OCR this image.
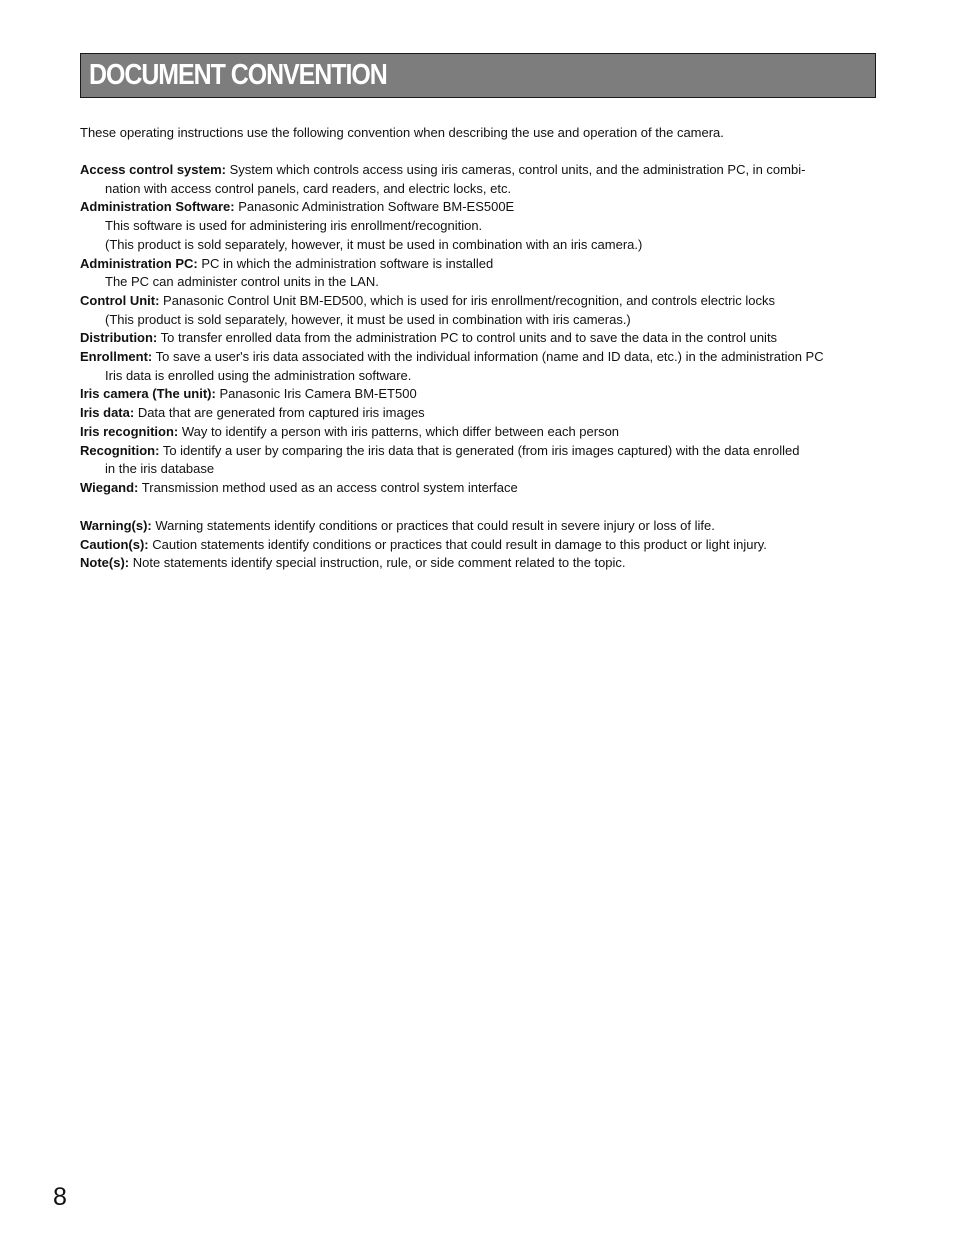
DOCUMENT CONVENTION
These operating instructions use the following convention when describing the use and operation of the camera.
Access control system: System which controls access using iris cameras, control units, and the administration PC, in combi-
nation with access control panels, card readers, and electric locks, etc.
Administration Software: Panasonic Administration Software BM-ES500E
This software is used for administering iris enrollment/recognition.
(This product is sold separately, however, it must be used in combination with an iris camera.)
Administration PC: PC in which the administration software is installed
The PC can administer control units in the LAN.
Control Unit: Panasonic Control Unit BM-ED500, which is used for iris enrollment/recognition, and controls electric locks
(This product is sold separately, however, it must be used in combination with iris cameras.)
Distribution: To transfer enrolled data from the administration PC to control units and to save the data in the control units
Enrollment: To save a user's iris data associated with the individual information (name and ID data, etc.) in the administration PC
Iris data is enrolled using the administration software.
Iris camera (The unit): Panasonic Iris Camera BM-ET500
Iris data: Data that are generated from captured iris images
Iris recognition: Way to identify a person with iris patterns, which differ between each person
Recognition: To identify a user by comparing the iris data that is generated (from iris images captured) with the data enrolled
in the iris database
Wiegand: Transmission method used as an access control system interface
Warning(s): Warning statements identify conditions or practices that could result in severe injury or loss of life.
Caution(s): Caution statements identify conditions or practices that could result in damage to this product or light injury.
Note(s): Note statements identify special instruction, rule, or side comment related to the topic.
8
